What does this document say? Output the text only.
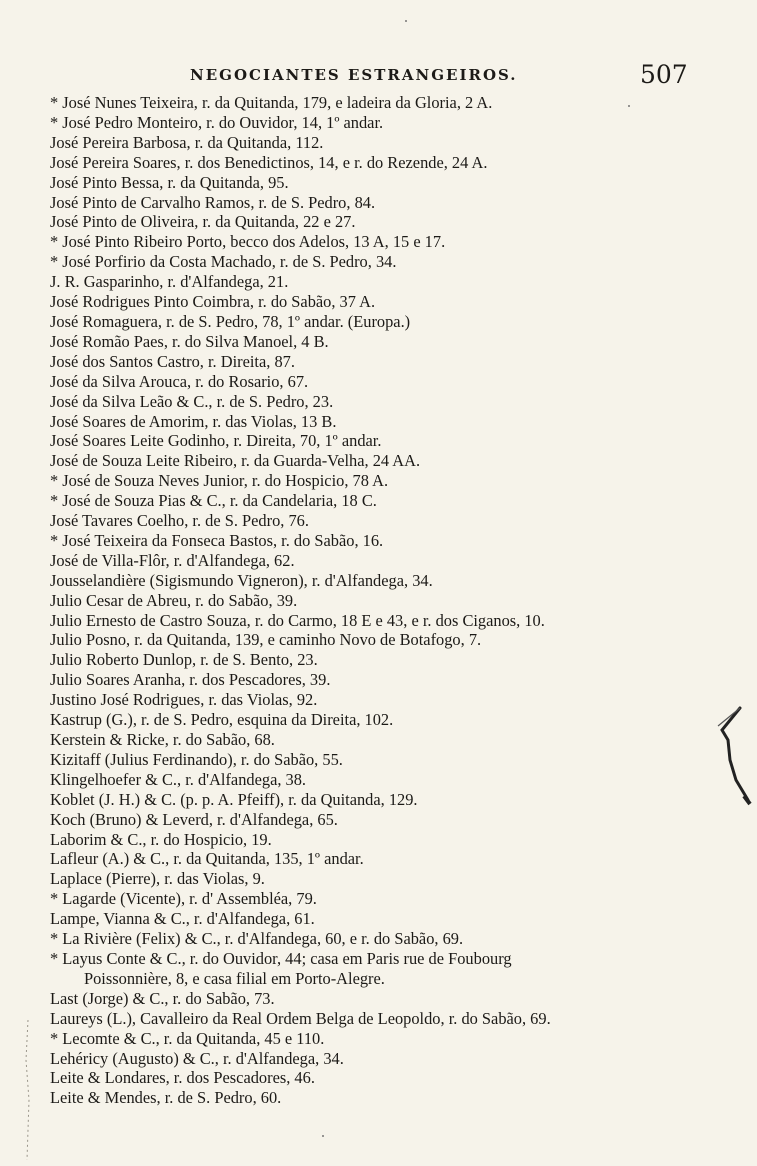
NEGOCIANTES ESTRANGEIROS.	507
* José Nunes Teixeira, r. da Quitanda, 179, e ladeira da Gloria, 2 A.
* José Pedro Monteiro, r. do Ouvidor, 14, 1º andar.
José Pereira Barbosa, r. da Quitanda, 112.
José Pereira Soares, r. dos Benedictinos, 14, e r. do Rezende, 24 A.
José Pinto Bessa, r. da Quitanda, 95.
José Pinto de Carvalho Ramos, r. de S. Pedro, 84.
José Pinto de Oliveira, r. da Quitanda, 22 e 27.
* José Pinto Ribeiro Porto, becco dos Adelos, 13 A, 15 e 17.
* José Porfirio da Costa Machado, r. de S. Pedro, 34.
J. R. Gasparinho, r. d'Alfandega, 21.
José Rodrigues Pinto Coimbra, r. do Sabão, 37 A.
José Romaguera, r. de S. Pedro, 78, 1º andar. (Europa.)
José Romão Paes, r. do Silva Manoel, 4 B.
José dos Santos Castro, r. Direita, 87.
José da Silva Arouca, r. do Rosario, 67.
José da Silva Leão & C., r. de S. Pedro, 23.
José Soares de Amorim, r. das Violas, 13 B.
José Soares Leite Godinho, r. Direita, 70, 1º andar.
José de Souza Leite Ribeiro, r. da Guarda-Velha, 24 AA.
* José de Souza Neves Junior, r. do Hospicio, 78 A.
* José de Souza Pias & C., r. da Candelaria, 18 C.
José Tavares Coelho, r. de S. Pedro, 76.
* José Teixeira da Fonseca Bastos, r. do Sabão, 16.
José de Villa-Flôr, r. d'Alfandega, 62.
Jousselandière (Sigismundo Vigneron), r. d'Alfandega, 34.
Julio Cesar de Abreu, r. do Sabão, 39.
Julio Ernesto de Castro Souza, r. do Carmo, 18 E e 43, e r. dos Ciganos, 10.
Julio Posno, r. da Quitanda, 139, e caminho Novo de Botafogo, 7.
Julio Roberto Dunlop, r. de S. Bento, 23.
Julio Soares Aranha, r. dos Pescadores, 39.
Justino José Rodrigues, r. das Violas, 92.
Kastrup (G.), r. de S. Pedro, esquina da Direita, 102.
Kerstein & Ricke, r. do Sabão, 68.
Kizitaff (Julius Ferdinando), r. do Sabão, 55.
Klingelhoefer & C., r. d'Alfandega, 38.
Koblet (J. H.) & C. (p. p. A. Pfeiff), r. da Quitanda, 129.
Koch (Bruno) & Leverd, r. d'Alfandega, 65.
Laborim & C., r. do Hospicio, 19.
Lafleur (A.) & C., r. da Quitanda, 135, 1º andar.
Laplace (Pierre), r. das Violas, 9.
* Lagarde (Vicente), r. d' Assembléa, 79.
Lampe, Vianna & C., r. d'Alfandega, 61.
* La Rivière (Felix) & C., r. d'Alfandega, 60, e r. do Sabão, 69.
* Layus Conte & C., r. do Ouvidor, 44; casa em Paris rue de Foubourg
Poissonnière, 8, e casa filial em Porto-Alegre.
Last (Jorge) & C., r. do Sabão, 73.
Laureys (L.), Cavalleiro da Real Ordem Belga de Leopoldo, r. do Sabão, 69.
* Lecomte & C., r. da Quitanda, 45 e 110.
Lehéricy (Augusto) & C., r. d'Alfandega, 34.
Leite & Londares, r. dos Pescadores, 46.
Leite & Mendes, r. de S. Pedro, 60.
